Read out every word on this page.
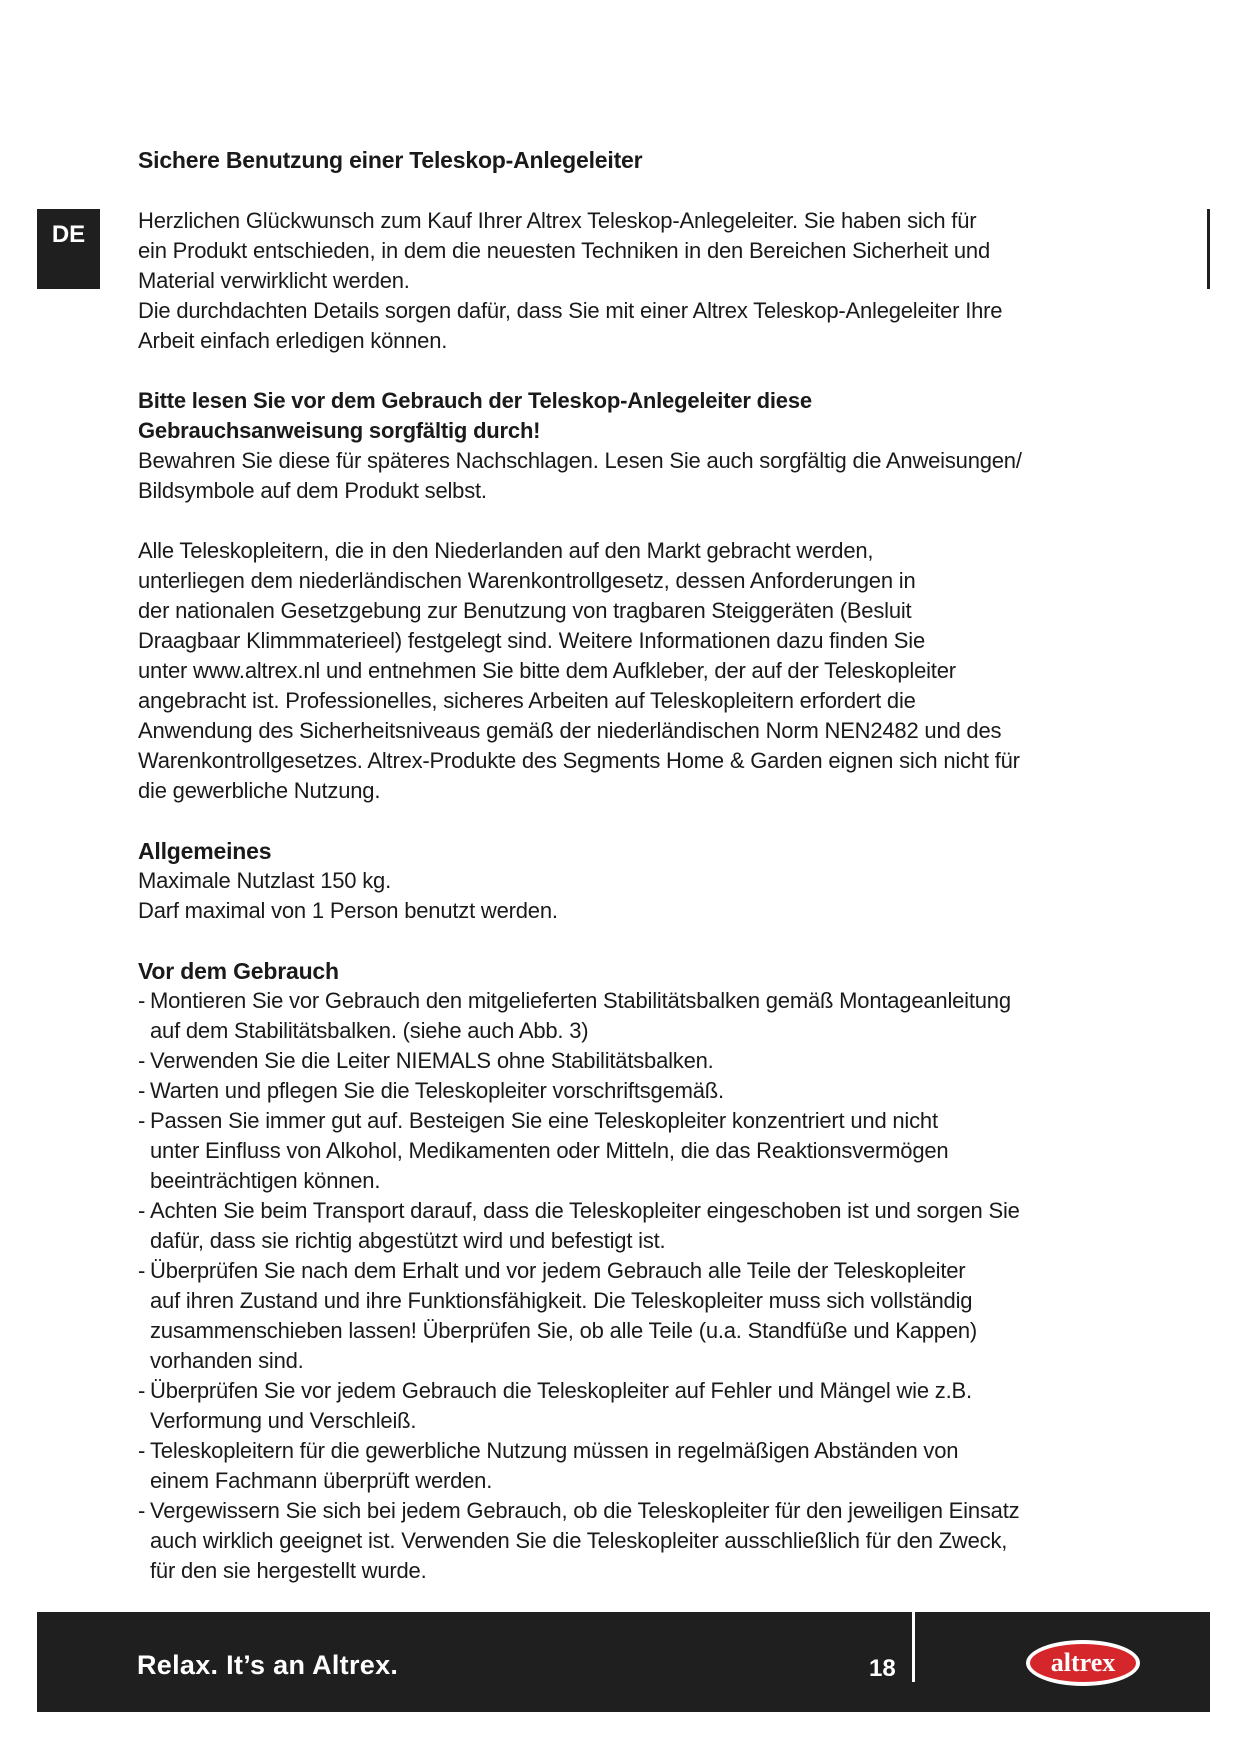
DE
Sichere Benutzung einer Teleskop-Anlegeleiter

Herzlichen Glückwunsch zum Kauf Ihrer Altrex Teleskop-Anlegeleiter. Sie haben sich für

ein Produkt entschieden, in dem die neuesten Techniken in den Bereichen Sicherheit und

Material verwirklicht werden.

Die durchdachten Details sorgen dafür, dass Sie mit einer Altrex Teleskop-Anlegeleiter Ihre

Arbeit einfach erledigen können.

Bitte lesen Sie vor dem Gebrauch der Teleskop-Anlegeleiter diese

Gebrauchsanweisung sorgfältig durch!

Bewahren Sie diese für späteres Nachschlagen. Lesen Sie auch sorgfältig die Anweisungen/

Bildsymbole auf dem Produkt selbst.

Alle Teleskopleitern, die in den Niederlanden auf den Markt gebracht werden,

unterliegen dem niederländischen Warenkontrollgesetz, dessen Anforderungen in

der nationalen Gesetzgebung zur Benutzung von tragbaren Steiggeräten (Besluit

Draagbaar Klimmmaterieel) festgelegt sind. Weitere Informationen dazu finden Sie

unter www.altrex.nl und entnehmen Sie bitte dem Aufkleber, der auf der Teleskopleiter

angebracht ist. Professionelles, sicheres Arbeiten auf Teleskopleitern erfordert die

Anwendung des Sicherheitsniveaus gemäß der niederländischen Norm NEN2482 und des

Warenkontrollgesetzes. Altrex-Produkte des Segments Home & Garden eignen sich nicht für

die gewerbliche Nutzung.

Allgemeines

Maximale Nutzlast 150 kg.

Darf maximal von 1 Person benutzt werden.

Vor dem Gebrauch
- Montieren Sie vor Gebrauch den mitgelieferten Stabilitätsbalken gemäß Montageanleitung
auf dem Stabilitätsbalken. (siehe auch Abb. 3)
- Verwenden Sie die Leiter NIEMALS ohne Stabilitätsbalken.
- Warten und pflegen Sie die Teleskopleiter vorschriftsgemäß.
- Passen Sie immer gut auf. Besteigen Sie eine Teleskopleiter konzentriert und nicht
unter Einfluss von Alkohol, Medikamenten oder Mitteln, die das Reaktionsvermögen
beeinträchtigen können.
- Achten Sie beim Transport darauf, dass die Teleskopleiter eingeschoben ist und sorgen Sie
dafür, dass sie richtig abgestützt wird und befestigt ist.
- Überprüfen Sie nach dem Erhalt und vor jedem Gebrauch alle Teile der Teleskopleiter
auf ihren Zustand und ihre Funktionsfähigkeit. Die Teleskopleiter muss sich vollständig
zusammenschieben lassen! Überprüfen Sie, ob alle Teile (u.a. Standfüße und Kappen)
vorhanden sind.
- Überprüfen Sie vor jedem Gebrauch die Teleskopleiter auf Fehler und Mängel wie z.B.
Verformung und Verschleiß.
- Teleskopleitern für die gewerbliche Nutzung müssen in regelmäßigen Abständen von
einem Fachmann überprüft werden.
- Vergewissern Sie sich bei jedem Gebrauch, ob die Teleskopleiter für den jeweiligen Einsatz
auch wirklich geeignet ist. Verwenden Sie die Teleskopleiter ausschließlich für den Zweck,
für den sie hergestellt wurde.
Relax. It’s an Altrex.	18	altrex
